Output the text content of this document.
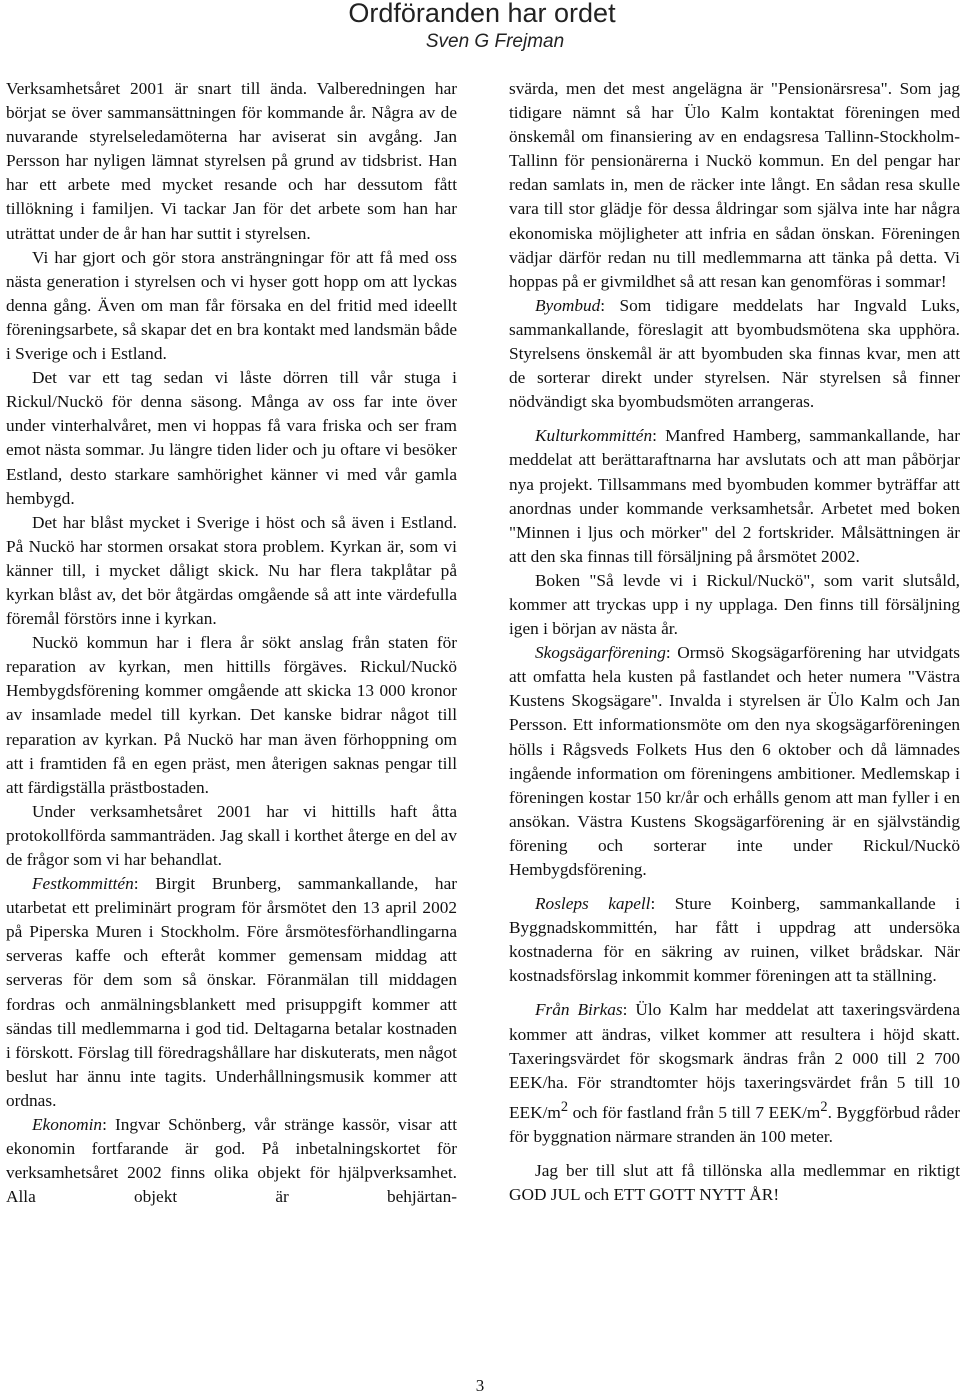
Ordföranden har ordet
Sven G Frejman

Verksamhetsåret 2001 är snart till ända. Valberedningen har börjat se över sammansättningen för kommande år. Några av de nuvarande styrelseledamöterna har aviserat sin avgång. Jan Persson har nyligen lämnat styrelsen på grund av tidsbrist. Han har ett arbete med mycket resande och har dessutom fått tillökning i familjen. Vi tackar Jan för det arbete som han har uträttat under de år han har suttit i styrelsen.

Vi har gjort och gör stora ansträngningar för att få med oss nästa generation i styrelsen och vi hyser gott hopp om att lyckas denna gång. Även om man får försaka en del fritid med ideellt föreningsarbete, så skapar det en bra kontakt med landsmän både i Sverige och i Estland.

Det var ett tag sedan vi låste dörren till vår stuga i Rickul/Nuckö för denna säsong. Många av oss far inte över under vinterhalvåret, men vi hoppas få vara friska och ser fram emot nästa sommar. Ju längre tiden lider och ju oftare vi besöker Estland, desto starkare samhörighet känner vi med vår gamla hembygd.

Det har blåst mycket i Sverige i höst och så även i Estland. På Nuckö har stormen orsakat stora problem. Kyrkan är, som vi känner till, i mycket dåligt skick. Nu har flera takplåtar på kyrkan blåst av, det bör åtgärdas omgående så att inte värdefulla föremål förstörs inne i kyrkan.

Nuckö kommun har i flera år sökt anslag från staten för reparation av kyrkan, men hittills förgäves. Rickul/Nuckö Hembygdsförening kommer omgående att skicka 13 000 kronor av insamlade medel till kyrkan. Det kanske bidrar något till reparation av kyrkan. På Nuckö har man även förhoppning om att i framtiden få en egen präst, men återigen saknas pengar till att färdigställa prästbostaden.

Under verksamhetsåret 2001 har vi hittills haft åtta protokollförda sammanträden. Jag skall i korthet återge en del av de frågor som vi har behandlat.

Festkommittén: Birgit Brunberg, sammankallande, har utarbetat ett preliminärt program för årsmötet den 13 april 2002 på Piperska Muren i Stockholm. Före årsmötesförhandlingarna serveras kaffe och efteråt kommer gemensam middag att serveras för dem som så önskar. Föranmälan till middagen fordras och anmälningsblankett med prisuppgift kommer att sändas till medlemmarna i god tid. Deltagarna betalar kostnaden i förskott. Förslag till föredragshållare har diskuterats, men något beslut har ännu inte tagits. Underhållningsmusik kommer att ordnas.

Ekonomin: Ingvar Schönberg, vår stränge kassör, visar att ekonomin fortfarande är god. På inbetalningskortet för verksamhetsåret 2002 finns olika objekt för hjälpverksamhet. Alla objekt är behjärtan-

svärda, men det mest angelägna är "Pensionärsresa". Som jag tidigare nämnt så har Ülo Kalm kontaktat föreningen med önskemål om finansiering av en endagsresa Tallinn-Stockholm-Tallinn för pensionärerna i Nuckö kommun. En del pengar har redan samlats in, men de räcker inte långt. En sådan resa skulle vara till stor glädje för dessa åldringar som själva inte har några ekonomiska möjligheter att infria en sådan önskan. Föreningen vädjar därför redan nu till medlemmarna att tänka på detta. Vi hoppas på er givmildhet så att resan kan genomföras i sommar!

Byombud: Som tidigare meddelats har Ingvald Luks, sammankallande, föreslagit att byombudsmötena ska upphöra. Styrelsens önskemål är att byombuden ska finnas kvar, men att de sorterar direkt under styrelsen. När styrelsen så finner nödvändigt ska byombudsmöten arrangeras.

Kulturkommittén: Manfred Hamberg, sammankallande, har meddelat att berättaraftnarna har avslutats och att man påbörjar nya projekt. Tillsammans med byombuden kommer byträffar att anordnas under kommande verksamhetsår. Arbetet med boken "Minnen i ljus och mörker" del 2 fortskrider. Målsättningen är att den ska finnas till försäljning på årsmötet 2002.

Boken "Så levde vi i Rickul/Nuckö", som varit slutsåld, kommer att tryckas upp i ny upplaga. Den finns till försäljning igen i början av nästa år.

Skogsägarförening: Ormsö Skogsägarförening har utvidgats att omfatta hela kusten på fastlandet och heter numera "Västra Kustens Skogsägare". Invalda i styrelsen är Ülo Kalm och Jan Persson. Ett informationsmöte om den nya skogsägarföreningen hölls i Rågsveds Folkets Hus den 6 oktober och då lämnades ingående information om föreningens ambitioner. Medlemskap i föreningen kostar 150 kr/år och erhålls genom att man fyller i en ansökan. Västra Kustens Skogsägarförening är en självständig förening och sorterar inte under Rickul/Nuckö Hembygdsförening.

Rosleps kapell: Sture Koinberg, sammankallande i Byggnadskommittén, har fått i uppdrag att undersöka kostnaderna för en säkring av ruinen, vilket brådskar. När kostnadsförslag inkommit kommer föreningen att ta ställning.

Från Birkas: Ülo Kalm har meddelat att taxeringsvärdena kommer att ändras, vilket kommer att resultera i höjd skatt. Taxeringsvärdet för skogsmark ändras från 2 000 till 2 700 EEK/ha. För strandtomter höjs taxeringsvärdet från 5 till 10 EEK/$m^2$ och för fastland från 5 till 7 EEK/$m^2$. Byggförbud råder för byggnation närmare stranden än 100 meter.

Jag ber till slut att få tillönska alla medlemmar en riktigt GOD JUL och ETT GOTT NYTT ÅR!

3
